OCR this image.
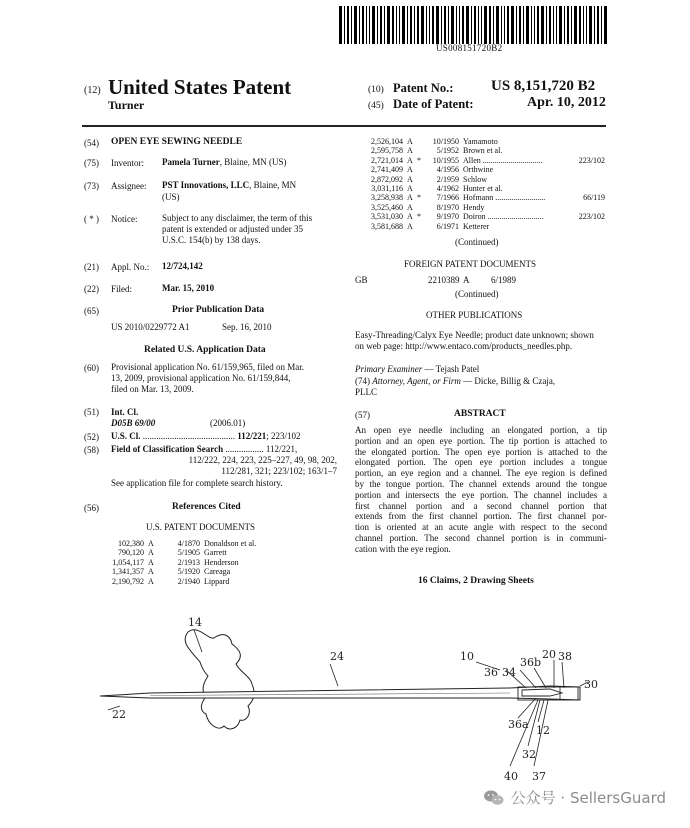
US008151720B2
(12) United States Patent
Turner
(10) Patent No.:	US 8,151,720 B2
(45) Date of Patent:	Apr. 10, 2012
(54) OPEN EYE SEWING NEEDLE
(75) Inventor: Pamela Turner, Blaine, MN (US)
(73) Assignee: PST Innovations, LLC, Blaine, MN
(US)
( * ) Notice:	Subject to any disclaimer, the term of this
patent is extended or adjusted under 35
U.S.C. 154(b) by 138 days.
(21) Appl. No.: 12/724,142
(22) Filed:	Mar. 15, 2010
(65)	Prior Publication Data
US 2010/0229772 A1	Sep. 16, 2010
Related U.S. Application Data
(60) Provisional application No. 61/159,965, filed on Mar.
13, 2009, provisional application No. 61/159,844,
filed on Mar. 13, 2009.
(51) Int. Cl.
D05B 69/00	(2006.01)
(52) U.S. Cl. ......................................... 112/221; 223/102
(58) Field of Classification Search ................. 112/221,
112/222, 224, 223, 225–227, 49, 98, 202,
112/281, 321; 223/102; 163/1–7
See application file for complete search history.
(56)	References Cited
U.S. PATENT DOCUMENTS
102,380 A	4/1870 Donaldson et al.
790,120 A	5/1905 Garrett
1,054,117 A	2/1913 Henderson
1,341,357 A	5/1920 Careaga
2,190,792 A	2/1940 Lippard
2,526,104 A	10/1950 Yamamoto
2,595,758 A	5/1952 Brown et al.
2,721,014 A *	10/1955 Allen ..............................	223/102
2,741,409 A	4/1956 Orthwine
2,872,092 A	2/1959 Schlow
3,031,116 A	4/1962 Hunter et al.
3,258,938 A *	7/1966 Hofmann .........................	66/119
3,525,460 A	8/1970 Hendy
3,531,030 A *	9/1970 Doiron ............................	223/102
3,581,688 A	6/1971 Ketterer
(Continued)
FOREIGN PATENT DOCUMENTS
GB	2210389 A 6/1989
(Continued)
OTHER PUBLICATIONS
Easy-Threading/Calyx Eye Needle; product date unknown; shown
on web page: http://www.entaco.com/products_needles.php.
Primary Examiner — Tejash Patel
(74) Attorney, Agent, or Firm — Dicke, Billig & Czaja,
PLLC
(57)	ABSTRACT
An open eye needle including an elongated portion, a tip
portion and an open eye portion. The tip portion is attached to
the elongated portion. The open eye portion is attached to the
elongated portion. The open eye portion includes a tongue
portion, an eye region and a channel. The eye region is defined
by the tongue portion. The channel extends around the tongue
portion and intersects the eye portion. The channel includes a
first channel portion and a second channel portion that
extends from the first channel portion. The first channel por-
tion is oriented at an acute angle with respect to the second
channel portion. The second channel portion is in communi-
cation with the eye region.
16 Claims, 2 Drawing Sheets
14
24
22
10
36 34
36b
20 38
30
36a 12
32
40 37
公众号 · SellersGuard
